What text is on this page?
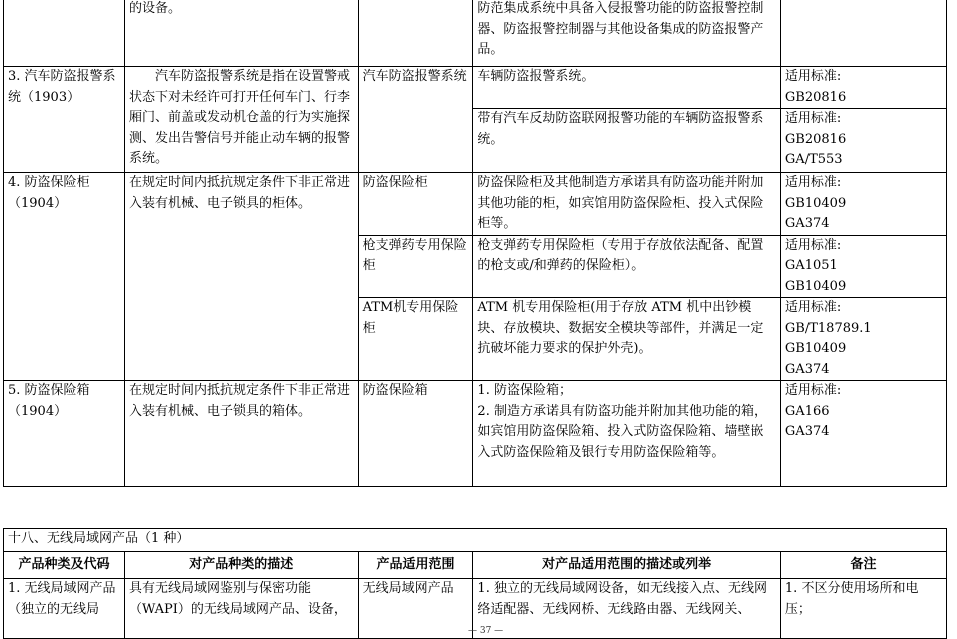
	的设备。		防范集成系统中具备入侵报警功能的防盗报警控制器、防盗报警控制器与其他设备集成的防盗报警产品。	
3. 汽车防盗报警系统（1903）	汽车防盗报警系统是指在设置警戒状态下对未经许可打开任何车门、行李厢门、前盖或发动机仓盖的行为实施探测、发出告警信号并能止动车辆的报警系统。	汽车防盗报警系统	车辆防盗报警系统。	适用标准:
GB20816

			带有汽车反劫防盗联网报警功能的车辆防盗报警系统。	适用标准:
GB20816
GA/T553

4. 防盗保险柜（1904）	在规定时间内抵抗规定条件下非正常进入装有机械、电子锁具的柜体。	防盗保险柜	防盗保险柜及其他制造方承诺具有防盗功能并附加其他功能的柜，如宾馆用防盗保险柜、投入式保险柜等。	适用标准:
GB10409
GA374

		枪支弹药专用保险柜	枪支弹药专用保险柜（专用于存放依法配备、配置的枪支或/和弹药的保险柜）。	适用标准:
GA1051
GB10409

		ATM机专用保险柜	ATM 机专用保险柜(用于存放 ATM 机中出钞模块、存放模块、数据安全模块等部件，并满足一定抗破坏能力要求的保护外壳)。	适用标准:
GB/T18789.1
GB10409
GA374

5. 防盗保险箱（1904）	在规定时间内抵抗规定条件下非正常进入装有机械、电子锁具的箱体。	防盗保险箱	1. 防盗保险箱；
2. 制造方承诺具有防盗功能并附加其他功能的箱，如宾馆用防盗保险箱、投入式防盗保险箱、墙壁嵌入式防盗保险箱及银行专用防盗保险箱等。	适用标准:
GA166
GA374
十八、无线局域网产品（1 种）				
产品种类及代码	对产品种类的描述	产品适用范围	对产品适用范围的描述或列举	备注
1. 无线局域网产品（独立的无线局	具有无线局域网鉴别与保密功能（WAPI）的无线局域网产品、设备，	无线局域网产品	1. 独立的无线局域网设备，如无线接入点、无线网络适配器、无线网桥、无线路由器、无线网关、	1. 不区分使用场所和电压；
— 37 —
